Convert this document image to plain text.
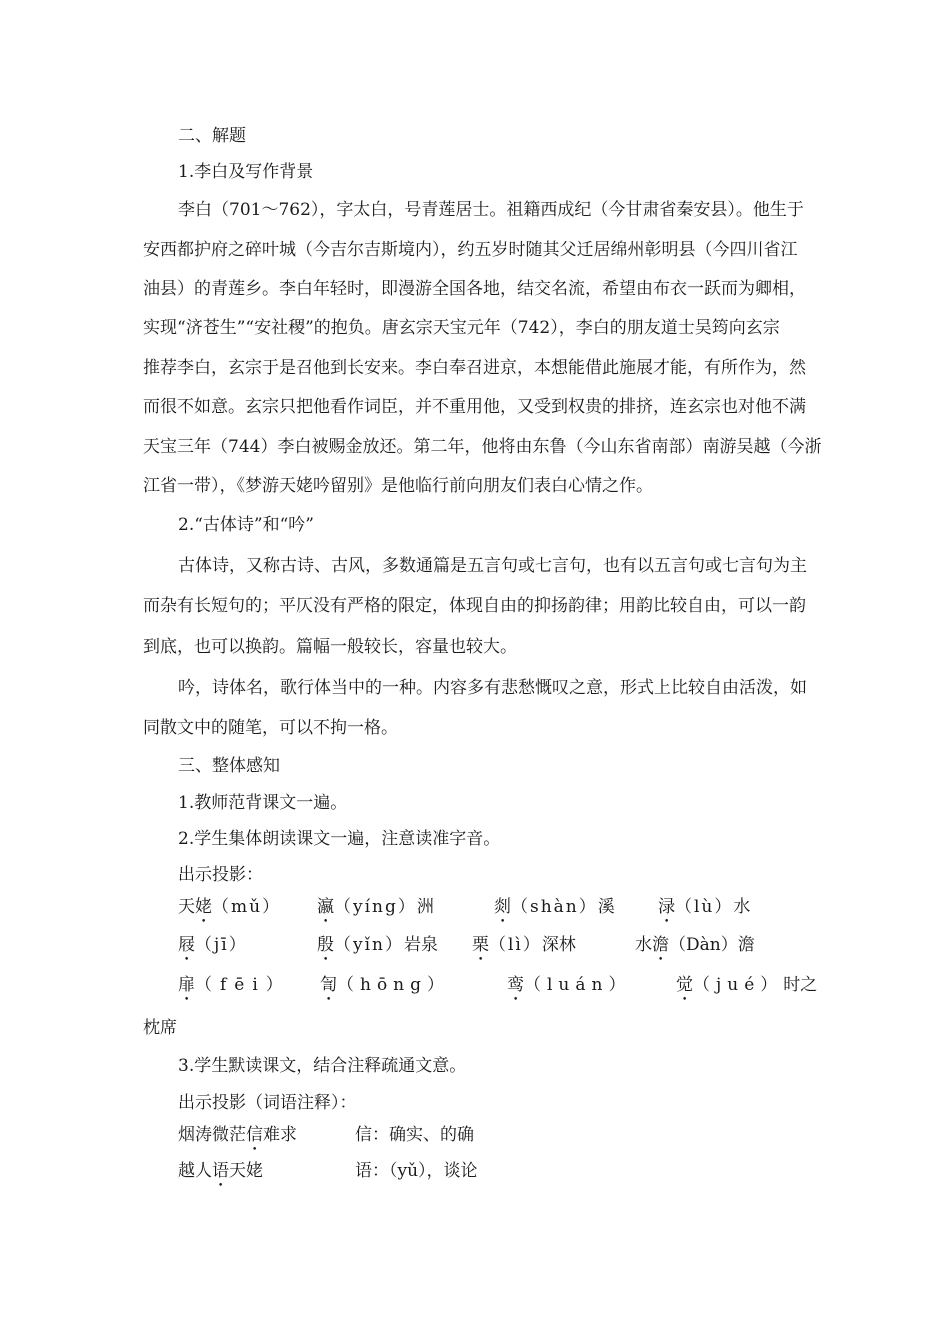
二、解题
1.李白及写作背景
李白（701～762），字太白，号青莲居士。祖籍西成纪（今甘肃省秦安县）。他生于
安西都护府之碎叶城（今吉尔吉斯境内），约五岁时随其父迁居绵州彰明县（今四川省江
油县）的青莲乡。李白年轻时，即漫游全国各地，结交名流，希望由布衣一跃而为卿相，
实现“济苍生”“安社稷”的抱负。唐玄宗天宝元年（742），李白的朋友道士吴筠向玄宗
推荐李白，玄宗于是召他到长安来。李白奉召进京，本想能借此施展才能，有所作为，然
而很不如意。玄宗只把他看作词臣，并不重用他，又受到权贵的排挤，连玄宗也对他不满
天宝三年（744）李白被赐金放还。第二年，他将由东鲁（今山东省南部）南游吴越（今浙
江省一带），《梦游天姥吟留别》是他临行前向朋友们表白心情之作。
2.“古体诗”和“吟”
古体诗，又称古诗、古风，多数通篇是五言句或七言句，也有以五言句或七言句为主
而杂有长短句的；平仄没有严格的限定，体现自由的抑扬韵律；用韵比较自由，可以一韵
到底，也可以换韵。篇幅一般较长，容量也较大。
吟，诗体名，歌行体当中的一种。内容多有悲愁慨叹之意，形式上比较自由活泼，如
同散文中的随笔，可以不拘一格。
三、整体感知
1.教师范背课文一遍。
2.学生集体朗读课文一遍，注意读准字音。
出示投影：
天姥（mǔ） 瀛（yíng）洲	剡（shàn）溪	渌（lù）水
屐（jī）	殷（yǐn）岩泉 栗（lì）深林	水澹（Dàn）澹
扉（fēi） 訇（hōng）	鸾（luán）	觉（jué）时之
枕席
3.学生默读课文，结合注释疏通文意。
出示投影（词语注释）：
烟涛微茫信难求	信：确实、的确
越人语天姥	语：（yǔ），谈论
